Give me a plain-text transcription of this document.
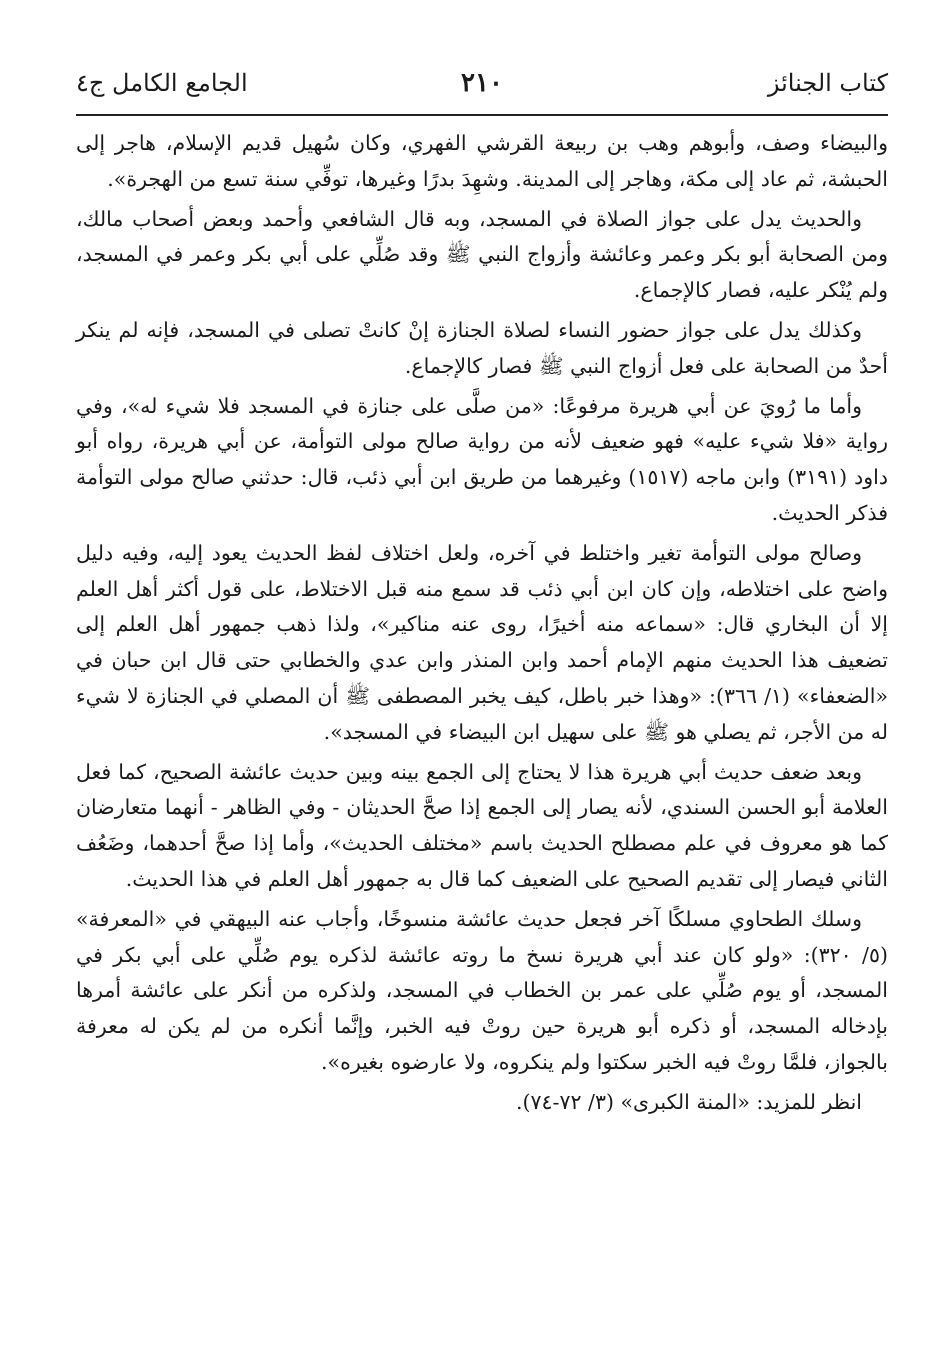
كتاب الجنائز
٢١٠
الجامع الكامل ج٤

والبيضاء وصف، وأبوهم وهب بن ربيعة القرشي الفهري، وكان سُهيل قديم الإسلام، هاجر إلى الحبشة، ثم عاد إلى مكة، وهاجر إلى المدينة. وشهِدَ بدرًا وغيرها، توفِّي سنة تسع من الهجرة».

والحديث يدل على جواز الصلاة في المسجد، وبه قال الشافعي وأحمد وبعض أصحاب مالك، ومن الصحابة أبو بكر وعمر وعائشة وأزواج النبي ﷺ وقد صُلِّي على أبي بكر وعمر في المسجد، ولم يُنْكر عليه، فصار كالإجماع.

وكذلك يدل على جواز حضور النساء لصلاة الجنازة إنْ كانتْ تصلى في المسجد، فإنه لم ينكر أحدٌ من الصحابة على فعل أزواج النبي ﷺ فصار كالإجماع.

وأما ما رُويَ عن أبي هريرة مرفوعًا: «من صلَّى على جنازة في المسجد فلا شيء له»، وفي رواية «فلا شيء عليه» فهو ضعيف لأنه من رواية صالح مولى التوأمة، عن أبي هريرة، رواه أبو داود (٣١٩١) وابن ماجه (١٥١٧) وغيرهما من طريق ابن أبي ذئب، قال: حدثني صالح مولى التوأمة فذكر الحديث.

وصالح مولى التوأمة تغير واختلط في آخره، ولعل اختلاف لفظ الحديث يعود إليه، وفيه دليل واضح على اختلاطه، وإن كان ابن أبي ذئب قد سمع منه قبل الاختلاط، على قول أكثر أهل العلم إلا أن البخاري قال: «سماعه منه أخيرًا، روى عنه مناكير»، ولذا ذهب جمهور أهل العلم إلى تضعيف هذا الحديث منهم الإمام أحمد وابن المنذر وابن عدي والخطابي حتى قال ابن حبان في «الضعفاء» (١/ ٣٦٦): «وهذا خبر باطل، كيف يخبر المصطفى ﷺ أن المصلي في الجنازة لا شيء له من الأجر، ثم يصلي هو ﷺ على سهيل ابن البيضاء في المسجد».

وبعد ضعف حديث أبي هريرة هذا لا يحتاج إلى الجمع بينه وبين حديث عائشة الصحيح، كما فعل العلامة أبو الحسن السندي، لأنه يصار إلى الجمع إذا صحَّ الحديثان - وفي الظاهر - أنهما متعارضان كما هو معروف في علم مصطلح الحديث باسم «مختلف الحديث»، وأما إذا صحَّ أحدهما، وضَعُف الثاني فيصار إلى تقديم الصحيح على الضعيف كما قال به جمهور أهل العلم في هذا الحديث.

وسلك الطحاوي مسلكًا آخر فجعل حديث عائشة منسوخًا، وأجاب عنه البيهقي في «المعرفة» (٥/ ٣٢٠): «ولو كان عند أبي هريرة نسخ ما روته عائشة لذكره يوم صُلِّي على أبي بكر في المسجد، أو يوم صُلِّي على عمر بن الخطاب في المسجد، ولذكره من أنكر على عائشة أمرها بإدخاله المسجد، أو ذكره أبو هريرة حين روتْ فيه الخبر، وإنَّما أنكره من لم يكن له معرفة بالجواز، فلمَّا روتْ فيه الخبر سكتوا ولم ينكروه، ولا عارضوه بغيره».

انظر للمزيد: «المنة الكبرى» (٣/ ٧٢-٧٤).
